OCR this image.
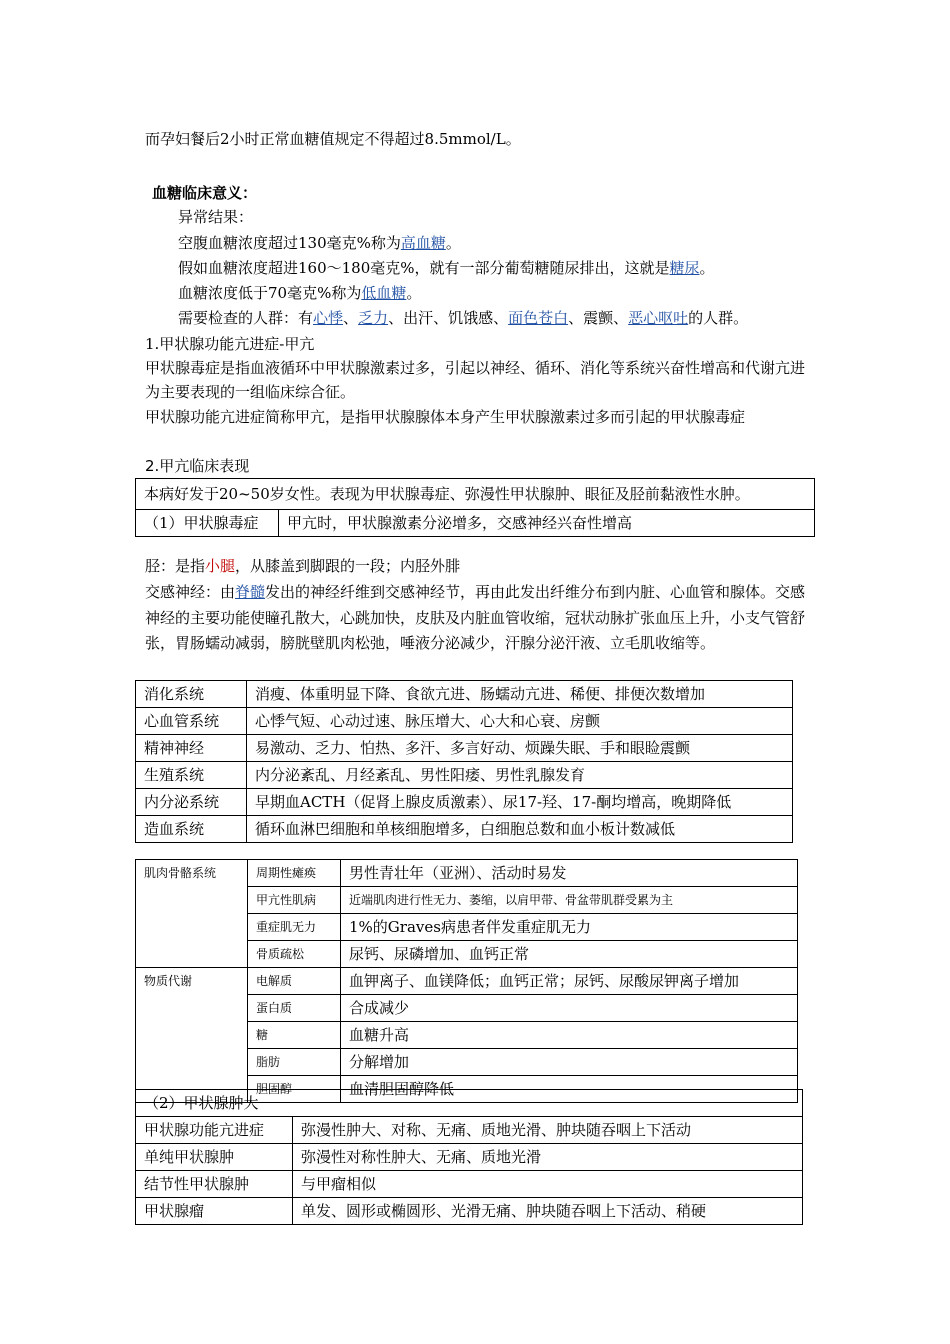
而孕妇餐后2小时正常血糖值规定不得超过8.5mmol/L。
血糖临床意义：
异常结果：
空腹血糖浓度超过130毫克%称为高血糖。
假如血糖浓度超进160～180毫克%，就有一部分葡萄糖随尿排出，这就是糖尿。
血糖浓度低于70毫克%称为低血糖。
需要检查的人群：有心悸、乏力、出汗、饥饿感、面色苍白、震颤、恶心呕吐的人群。
1.甲状腺功能亢进症-甲亢
甲状腺毒症是指血液循环中甲状腺激素过多，引起以神经、循环、消化等系统兴奋性增高和代谢亢进为主要表现的一组临床综合征。
甲状腺功能亢进症简称甲亢，是指甲状腺腺体本身产生甲状腺激素过多而引起的甲状腺毒症
2.甲亢临床表现
本病好发于20~50岁女性。表现为甲状腺毒症、弥漫性甲状腺肿、眼征及胫前黏液性水肿。
（1）甲状腺毒症	甲亢时，甲状腺激素分泌增多，交感神经兴奋性增高
胫：是指小腿，从膝盖到脚跟的一段；内胫外腓
交感神经：由脊髓发出的神经纤维到交感神经节，再由此发出纤维分布到内脏、心血管和腺体。交感神经的主要功能使瞳孔散大，心跳加快，皮肤及内脏血管收缩，冠状动脉扩张血压上升，小支气管舒张，胃肠蠕动减弱，膀胱壁肌肉松弛，唾液分泌减少，汗腺分泌汗液、立毛肌收缩等。
消化系统	消瘦、体重明显下降、食欲亢进、肠蠕动亢进、稀便、排便次数增加
心血管系统	心悸气短、心动过速、脉压增大、心大和心衰、房颤
精神神经	易激动、乏力、怕热、多汗、多言好动、烦躁失眠、手和眼睑震颤
生殖系统	内分泌紊乱、月经紊乱、男性阳痿、男性乳腺发育
内分泌系统	早期血ACTH（促肾上腺皮质激素）、尿17-羟、17-酮均增高，晚期降低
造血系统	循环血淋巴细胞和单核细胞增多，白细胞总数和血小板计数减低
肌肉骨骼系统	周期性瘫痪	男性青壮年（亚洲）、活动时易发
	甲亢性肌病	近端肌肉进行性无力、萎缩，以肩甲带、骨盆带肌群受累为主
	重症肌无力	1%的Graves病患者伴发重症肌无力
	骨质疏松	尿钙、尿磷增加、血钙正常
物质代谢	电解质	血钾离子、血镁降低；血钙正常；尿钙、尿酸尿钾离子增加
	蛋白质	合成减少
	糖	血糖升高
	脂肪	分解增加
	胆固醇	血清胆固醇降低
（2）甲状腺肿大	
甲状腺功能亢进症	弥漫性肿大、对称、无痛、质地光滑、肿块随吞咽上下活动
单纯甲状腺肿	弥漫性对称性肿大、无痛、质地光滑
结节性甲状腺肿	与甲瘤相似
甲状腺瘤	单发、圆形或椭圆形、光滑无痛、肿块随吞咽上下活动、稍硬
